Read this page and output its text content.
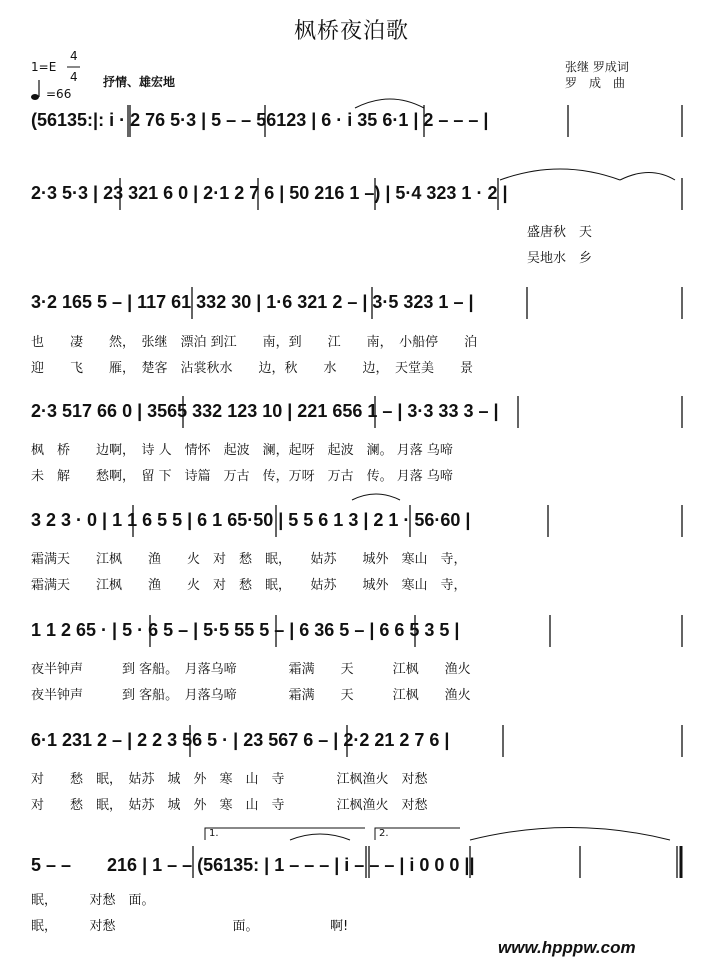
枫桥夜泊歌
1=E
4
4
=66
抒情、雄宏地
张继 罗成词
罗　成　曲
(56135:|: i · 2 76 5·3 | 5 – – 56123 | 6 · i 35 6·1 | 2 – – – |
2·3 5·3 | 23 321 6 0 | 2·1 2 7 6 | 50 216 1 –) | 5·4 323 1 · 2 |
盛唐秋　天
吴地水　乡
3·2 165 5 – | 117 61 332 30 | 1·6 321 2 – | 3·5 323 1 – |
也　　凄　　然，　张继　漂泊 到江　　南，到　　江　　南，　小船停　　泊
迎　　飞　　雁，　楚客　沾裳秋水　　边，秋　　水　　边，　天堂美　　景
2·3 517 66 0 | 3565 332 123 10 | 221 656 1 – | 3·3 33 3 – |
枫　桥　　边啊，　诗 人　情怀　起波　澜，起呀　起波　澜。 月落 乌啼
未　解　　愁啊，　留 下　诗篇　万古　传，万呀　万古　传。 月落 乌啼
3 2 3 · 0 | 1 1 6 5 5 | 6 1 65·50 | 5 5 6 1 3 | 2 1 · 56·60 |
霜满天　　江枫　　渔　　火　对　愁　眠，　　姑苏　　城外　寒山　寺，
霜满天　　江枫　　渔　　火　对　愁　眠，　　姑苏　　城外　寒山　寺，
1 1 2 65 · | 5 · 6 5 – | 5·5 55 5 – | 6 36 5 – | 6 6 5 3 5 |
夜半钟声　　　到 客船。　月落乌啼　　　　霜满　　天　　　江枫　　渔火
夜半钟声　　　到 客船。　月落乌啼　　　　霜满　　天　　　江枫　　渔火
6·1 231 2 – | 2 2 3 56 5 · | 23 567 6 – | 2·2 21 2 7 6 |
对　　愁　眠，　姑苏　城　外　寒　山　寺　　　　江枫渔火　对愁
对　　愁　眠，　姑苏　城　外　寒　山　寺　　　　江枫渔火　对愁
1.	2.
5 – –　　216 | 1 – – (56135: | 1 – – – | i – – – | i 0 0 0 ||
眠，　　　对愁　面。
眠，　　　对愁　　　　　　　　　面。　　　　　　啊!
www.hpppw.com
